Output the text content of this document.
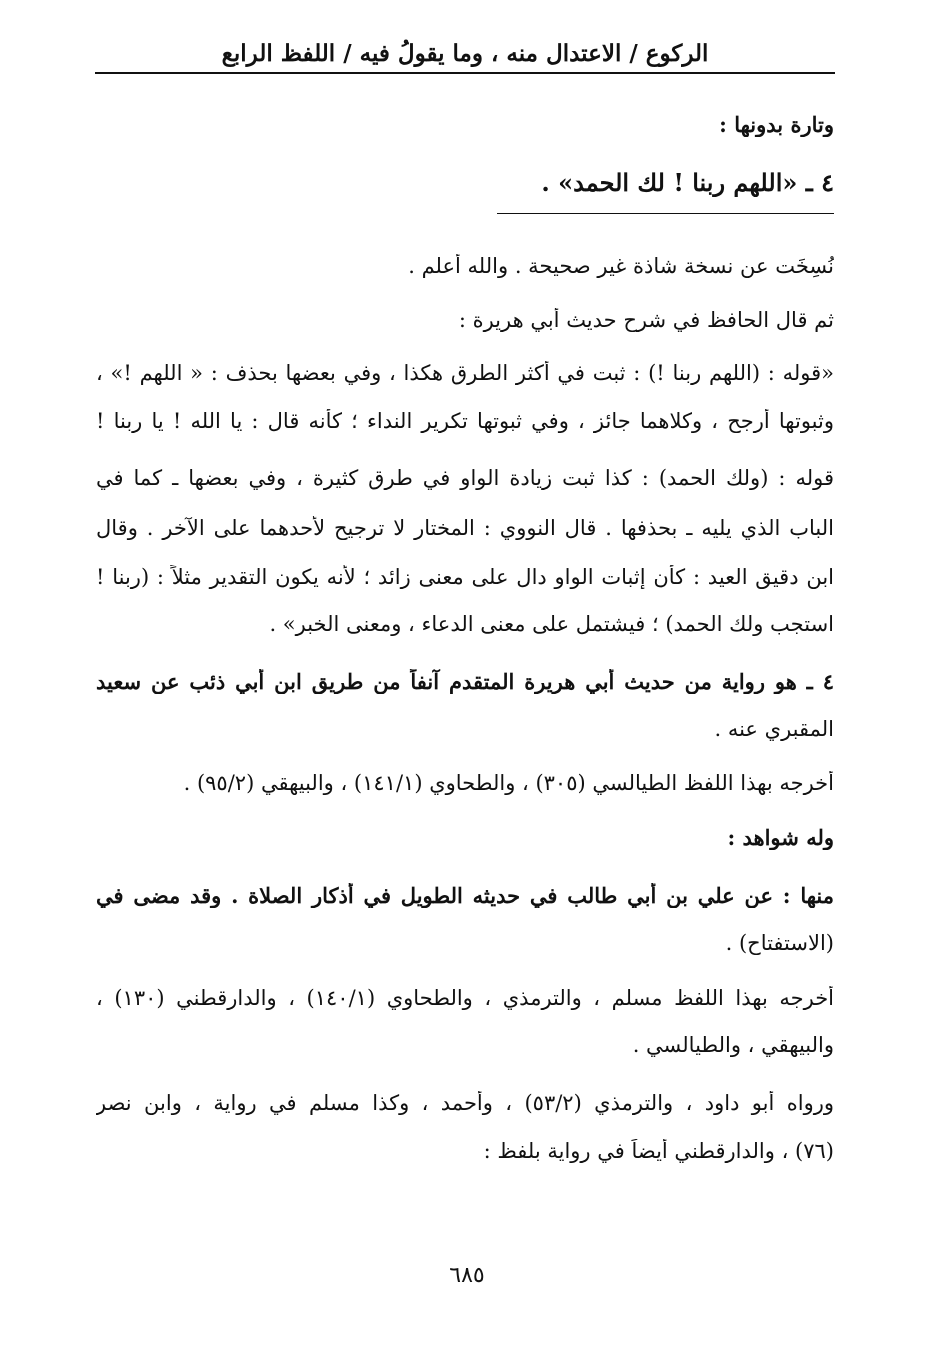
الركوع / الاعتدال منه ، وما يقولُ فيه / اللفظ الرابع
وتارة بدونها :
٤ ـ «اللهم ربنا ! لك الحمد» .
نُسِخَت عن نسخة شاذة غير صحيحة . والله أعلم .
ثم قال الحافظ في شرح حديث أبي هريرة :
«قوله : (اللهم ربنا !) : ثبت في أكثر الطرق هكذا ، وفي بعضها بحذف : « اللهم !» ،
وثبوتها أرجح ، وكلاهما جائز ، وفي ثبوتها تكرير النداء ؛ كأنه قال : يا الله ! يا ربنا !
قوله : (ولك الحمد) : كذا ثبت زيادة الواو في طرق كثيرة ، وفي بعضها ـ كما في
الباب الذي يليه ـ بحذفها . قال النووي : المختار لا ترجيح لأحدهما على الآخر . وقال
ابن دقيق العيد : كأن إثبات الواو دال على معنى زائد ؛ لأنه يكون التقدير مثلاً : (ربنا !
استجب ولك الحمد) ؛ فيشتمل على معنى الدعاء ، ومعنى الخبر» .
٤ ـ هو رواية من حديث أبي هريرة المتقدم آنفاً من طريق ابن أبي ذئب عن سعيد
المقبري عنه .
أخرجه بهذا اللفظ الطيالسي (٣٠٥) ، والطحاوي (١٤١/١) ، والبيهقي (٩٥/٢) .
وله شواهد :
منها : عن علي بن أبي طالب في حديثه الطويل في أذكار الصلاة . وقد مضى في
(الاستفتاح) .
أخرجه بهذا اللفظ مسلم ، والترمذي ، والطحاوي (١٤٠/١) ، والدارقطني (١٣٠) ،
والبيهقي ، والطيالسي .
ورواه أبو داود ، والترمذي (٥٣/٢) ، وأحمد ، وكذا مسلم في رواية ، وابن نصر
(٧٦) ، والدارقطني أيضاً في رواية بلفظ :
٦٨٥
